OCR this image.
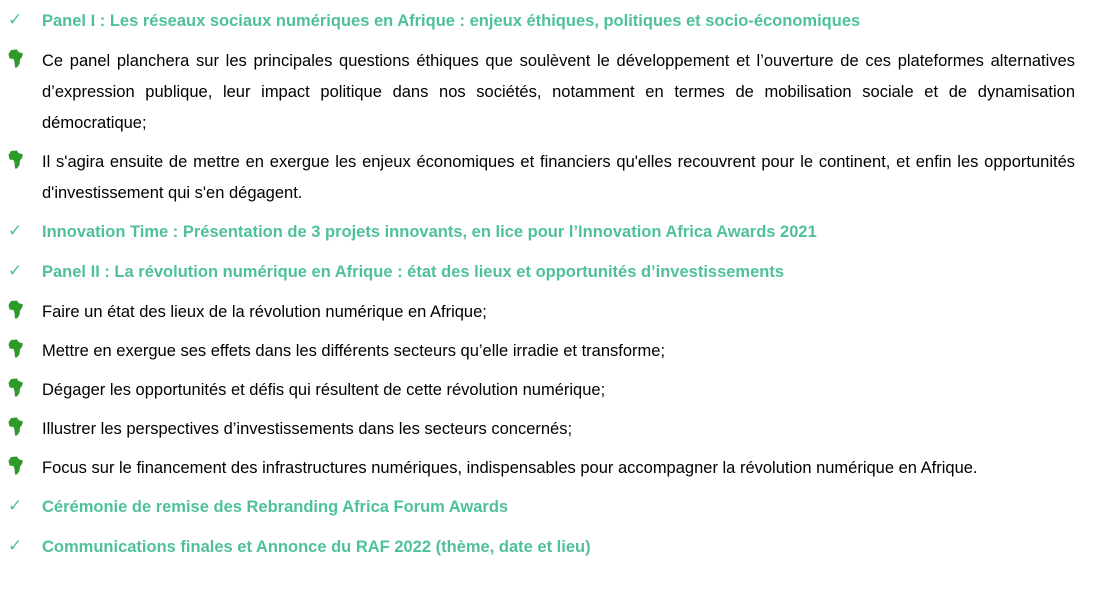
✓ Panel I : Les réseaux sociaux numériques en Afrique : enjeux éthiques, politiques et socio-économiques
Ce panel planchera sur les principales questions éthiques que soulèvent le développement et l’ouverture de ces plateformes alternatives d’expression publique, leur impact politique dans nos sociétés, notamment en termes de mobilisation sociale et de dynamisation démocratique;
Il s'agira ensuite de mettre en exergue les enjeux économiques et financiers qu'elles recouvrent pour le continent, et enfin les opportunités d'investissement qui s'en dégagent.
✓ Innovation Time : Présentation de 3 projets innovants, en lice pour l’Innovation Africa Awards 2021
✓ Panel II : La révolution numérique en Afrique : état des lieux et opportunités d’investissements
Faire un état des lieux de la révolution numérique en Afrique;
Mettre en exergue ses effets dans les différents secteurs qu’elle irradie et transforme;
Dégager les opportunités et défis qui résultent de cette révolution numérique;
Illustrer les perspectives d’investissements dans les secteurs concernés;
Focus sur le financement des infrastructures numériques, indispensables pour accompagner la révolution numérique en Afrique.
✓ Cérémonie de remise des Rebranding Africa Forum Awards
✓ Communications finales et Annonce du RAF 2022 (thème, date et lieu)
